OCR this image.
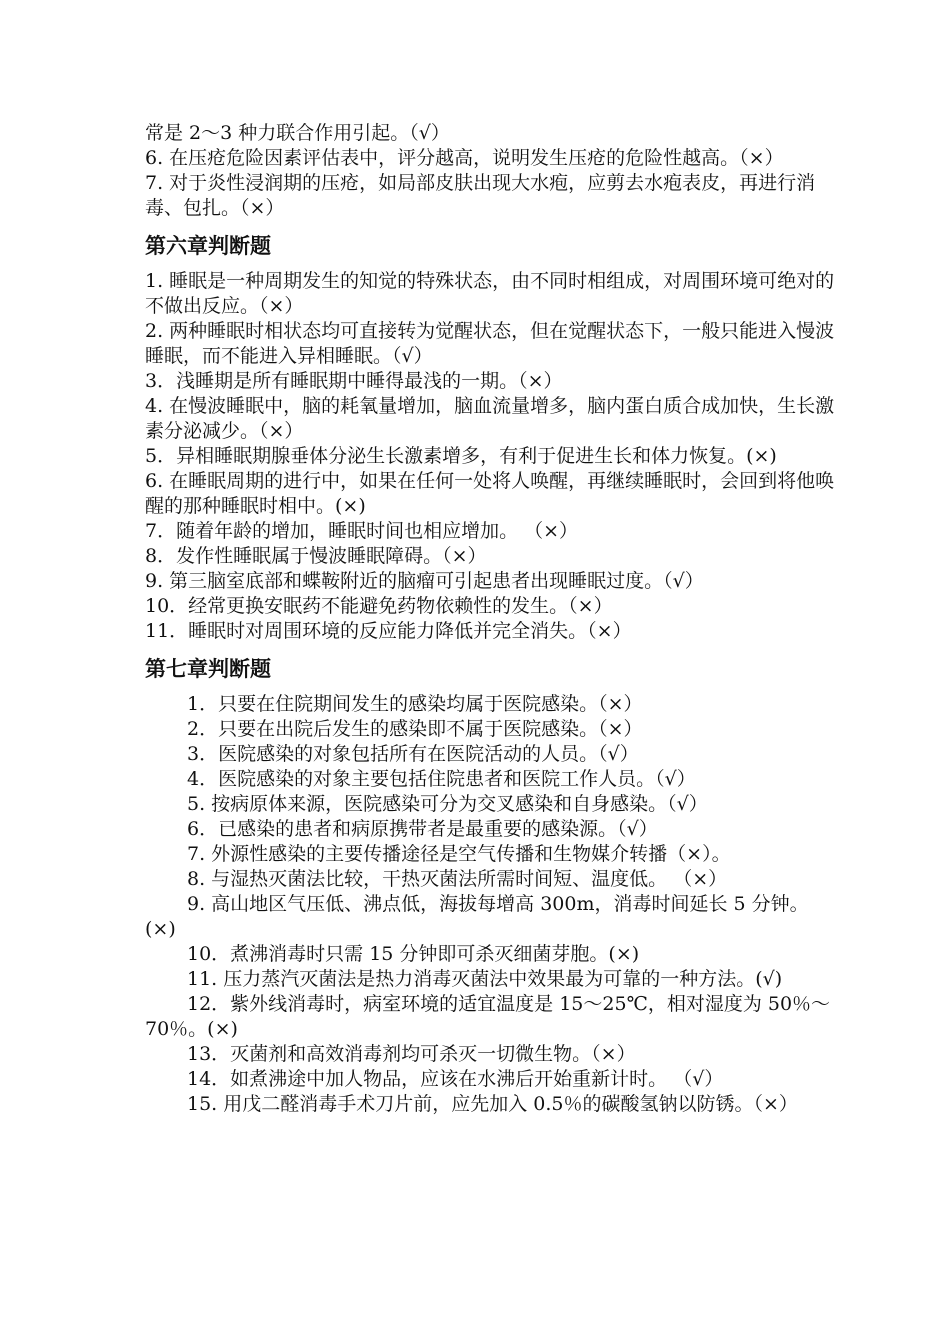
常是 2～3 种力联合作用引起。（√）

6. 在压疮危险因素评估表中，评分越高，说明发生压疮的危险性越高。（×）

7. 对于炎性浸润期的压疮，如局部皮肤出现大水疱，应剪去水疱表皮，再进行消毒、包扎。（×）

第六章判断题

1. 睡眠是一种周期发生的知觉的特殊状态，由不同时相组成，对周围环境可绝对的不做出反应。（×）

2. 两种睡眠时相状态均可直接转为觉醒状态，但在觉醒状态下，一般只能进入慢波睡眠，而不能进入异相睡眠。（√）

3．浅睡期是所有睡眠期中睡得最浅的一期。（×）

4. 在慢波睡眠中，脑的耗氧量增加，脑血流量增多，脑内蛋白质合成加快，生长激素分泌减少。（×）

5．异相睡眠期腺垂体分泌生长激素增多，有利于促进生长和体力恢复。(×)

6. 在睡眠周期的进行中，如果在任何一处将人唤醒，再继续睡眠时，会回到将他唤醒的那种睡眠时相中。(×)

7．随着年龄的增加，睡眠时间也相应增加。 （×）

8．发作性睡眠属于慢波睡眠障碍。（×）

9. 第三脑室底部和蝶鞍附近的脑瘤可引起患者出现睡眠过度。（√）

10．经常更换安眠药不能避免药物依赖性的发生。（×）

11．睡眠时对周围环境的反应能力降低并完全消失。（×）

第七章判断题

1．只要在住院期间发生的感染均属于医院感染。（×）

2．只要在出院后发生的感染即不属于医院感染。（×）

3．医院感染的对象包括所有在医院活动的人员。（√）

4．医院感染的对象主要包括住院患者和医院工作人员。（√）

5. 按病原体来源，医院感染可分为交叉感染和自身感染。（√）

6．已感染的患者和病原携带者是最重要的感染源。（√）

7. 外源性感染的主要传播途径是空气传播和生物媒介转播（×）。

8. 与湿热灭菌法比较，干热灭菌法所需时间短、温度低。 （×）

9. 高山地区气压低、沸点低，海拔每增高 300m，消毒时间延长 5 分钟。(×)

10．煮沸消毒时只需 15 分钟即可杀灭细菌芽胞。(×)

11. 压力蒸汽灭菌法是热力消毒灭菌法中效果最为可靠的一种方法。(√)

12．紫外线消毒时，病室环境的适宜温度是 15～25℃，相对湿度为 50％～70％。(×)

13．灭菌剂和高效消毒剂均可杀灭一切微生物。（×）

14．如煮沸途中加人物品，应该在水沸后开始重新计时。 （√）

15. 用戊二醛消毒手术刀片前，应先加入 0.5％的碳酸氢钠以防锈。（×）
